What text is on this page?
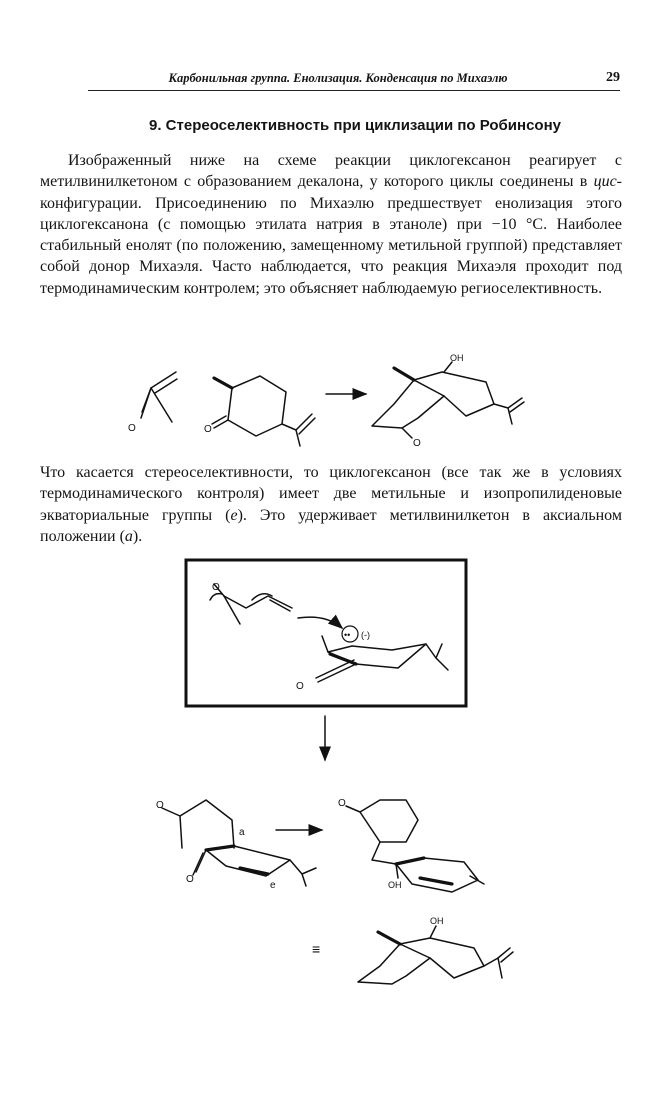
Карбонильная группа. Енолизация. Конденсация по Михаэлю	29
9. Стереоселективность при циклизации по Робинсону

Изображенный ниже на схеме реакции циклогексанон реагирует с метилвинилкетоном с образованием декалона, у которого циклы соединены в цис-конфигурации. Присоединению по Михаэлю предшествует енолизация этого циклогексанона (с помощью этилата натрия в этаноле) при −10 °C. Наиболее стабильный енолят (по положению, замещенному метильной группой) представляет собой донор Михаэля. Часто наблюдается, что реакция Михаэля проходит под термодинамическим контролем; это объясняет наблюдаемую региоселективность.

Что касается стереоселективности, то циклогексанон (все так же в условиях термодинамического контроля) имеет две метильные и изопропилиденовые экваториальные группы (e). Это удерживает метилвинилкетон в аксиальном положении (a).

O	O
OH
O
O
•• (-)
O
O
O
a
e
O
OH
≡
OH
